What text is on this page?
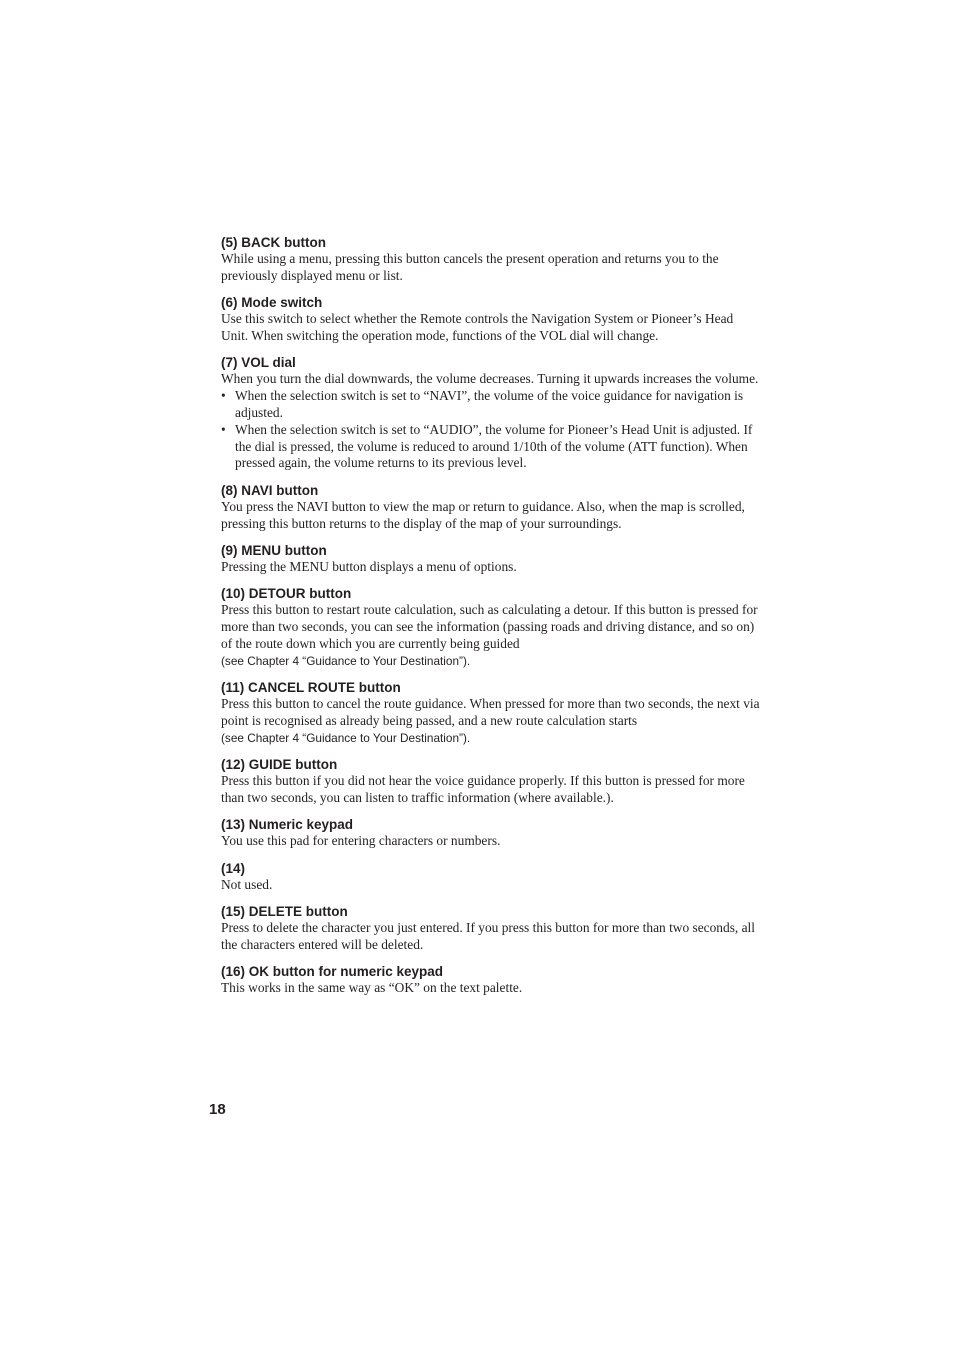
(5) BACK button
While using a menu, pressing this button cancels the present operation and returns you to the previously displayed menu or list.
(6) Mode switch
Use this switch to select whether the Remote controls the Navigation System or Pioneer’s Head Unit. When switching the operation mode, functions of the VOL dial will change.
(7) VOL dial
When you turn the dial downwards, the volume decreases. Turning it upwards increases the volume.
• When the selection switch is set to “NAVI”, the volume of the voice guidance for navigation is adjusted.
• When the selection switch is set to “AUDIO”, the volume for Pioneer’s Head Unit is adjusted. If the dial is pressed, the volume is reduced to around 1/10th of the volume (ATT function). When pressed again, the volume returns to its previous level.
(8) NAVI button
You press the NAVI button to view the map or return to guidance. Also, when the map is scrolled, pressing this button returns to the display of the map of your surroundings.
(9) MENU button
Pressing the MENU button displays a menu of options.
(10) DETOUR button
Press this button to restart route calculation, such as calculating a detour. If this button is pressed for more than two seconds, you can see the information (passing roads and driving distance, and so on) of the route down which you are currently being guided
(see Chapter 4 “Guidance to Your Destination”).
(11) CANCEL ROUTE button
Press this button to cancel the route guidance. When pressed for more than two seconds, the next via point is recognised as already being passed, and a new route calculation starts
(see Chapter 4 “Guidance to Your Destination”).
(12) GUIDE button
Press this button if you did not hear the voice guidance properly. If this button is pressed for more than two seconds, you can listen to traffic information (where available.).
(13) Numeric keypad
You use this pad for entering characters or numbers.
(14)
Not used.
(15) DELETE button
Press to delete the character you just entered. If you press this button for more than two seconds, all the characters entered will be deleted.
(16) OK button for numeric keypad
This works in the same way as “OK” on the text palette.
18
